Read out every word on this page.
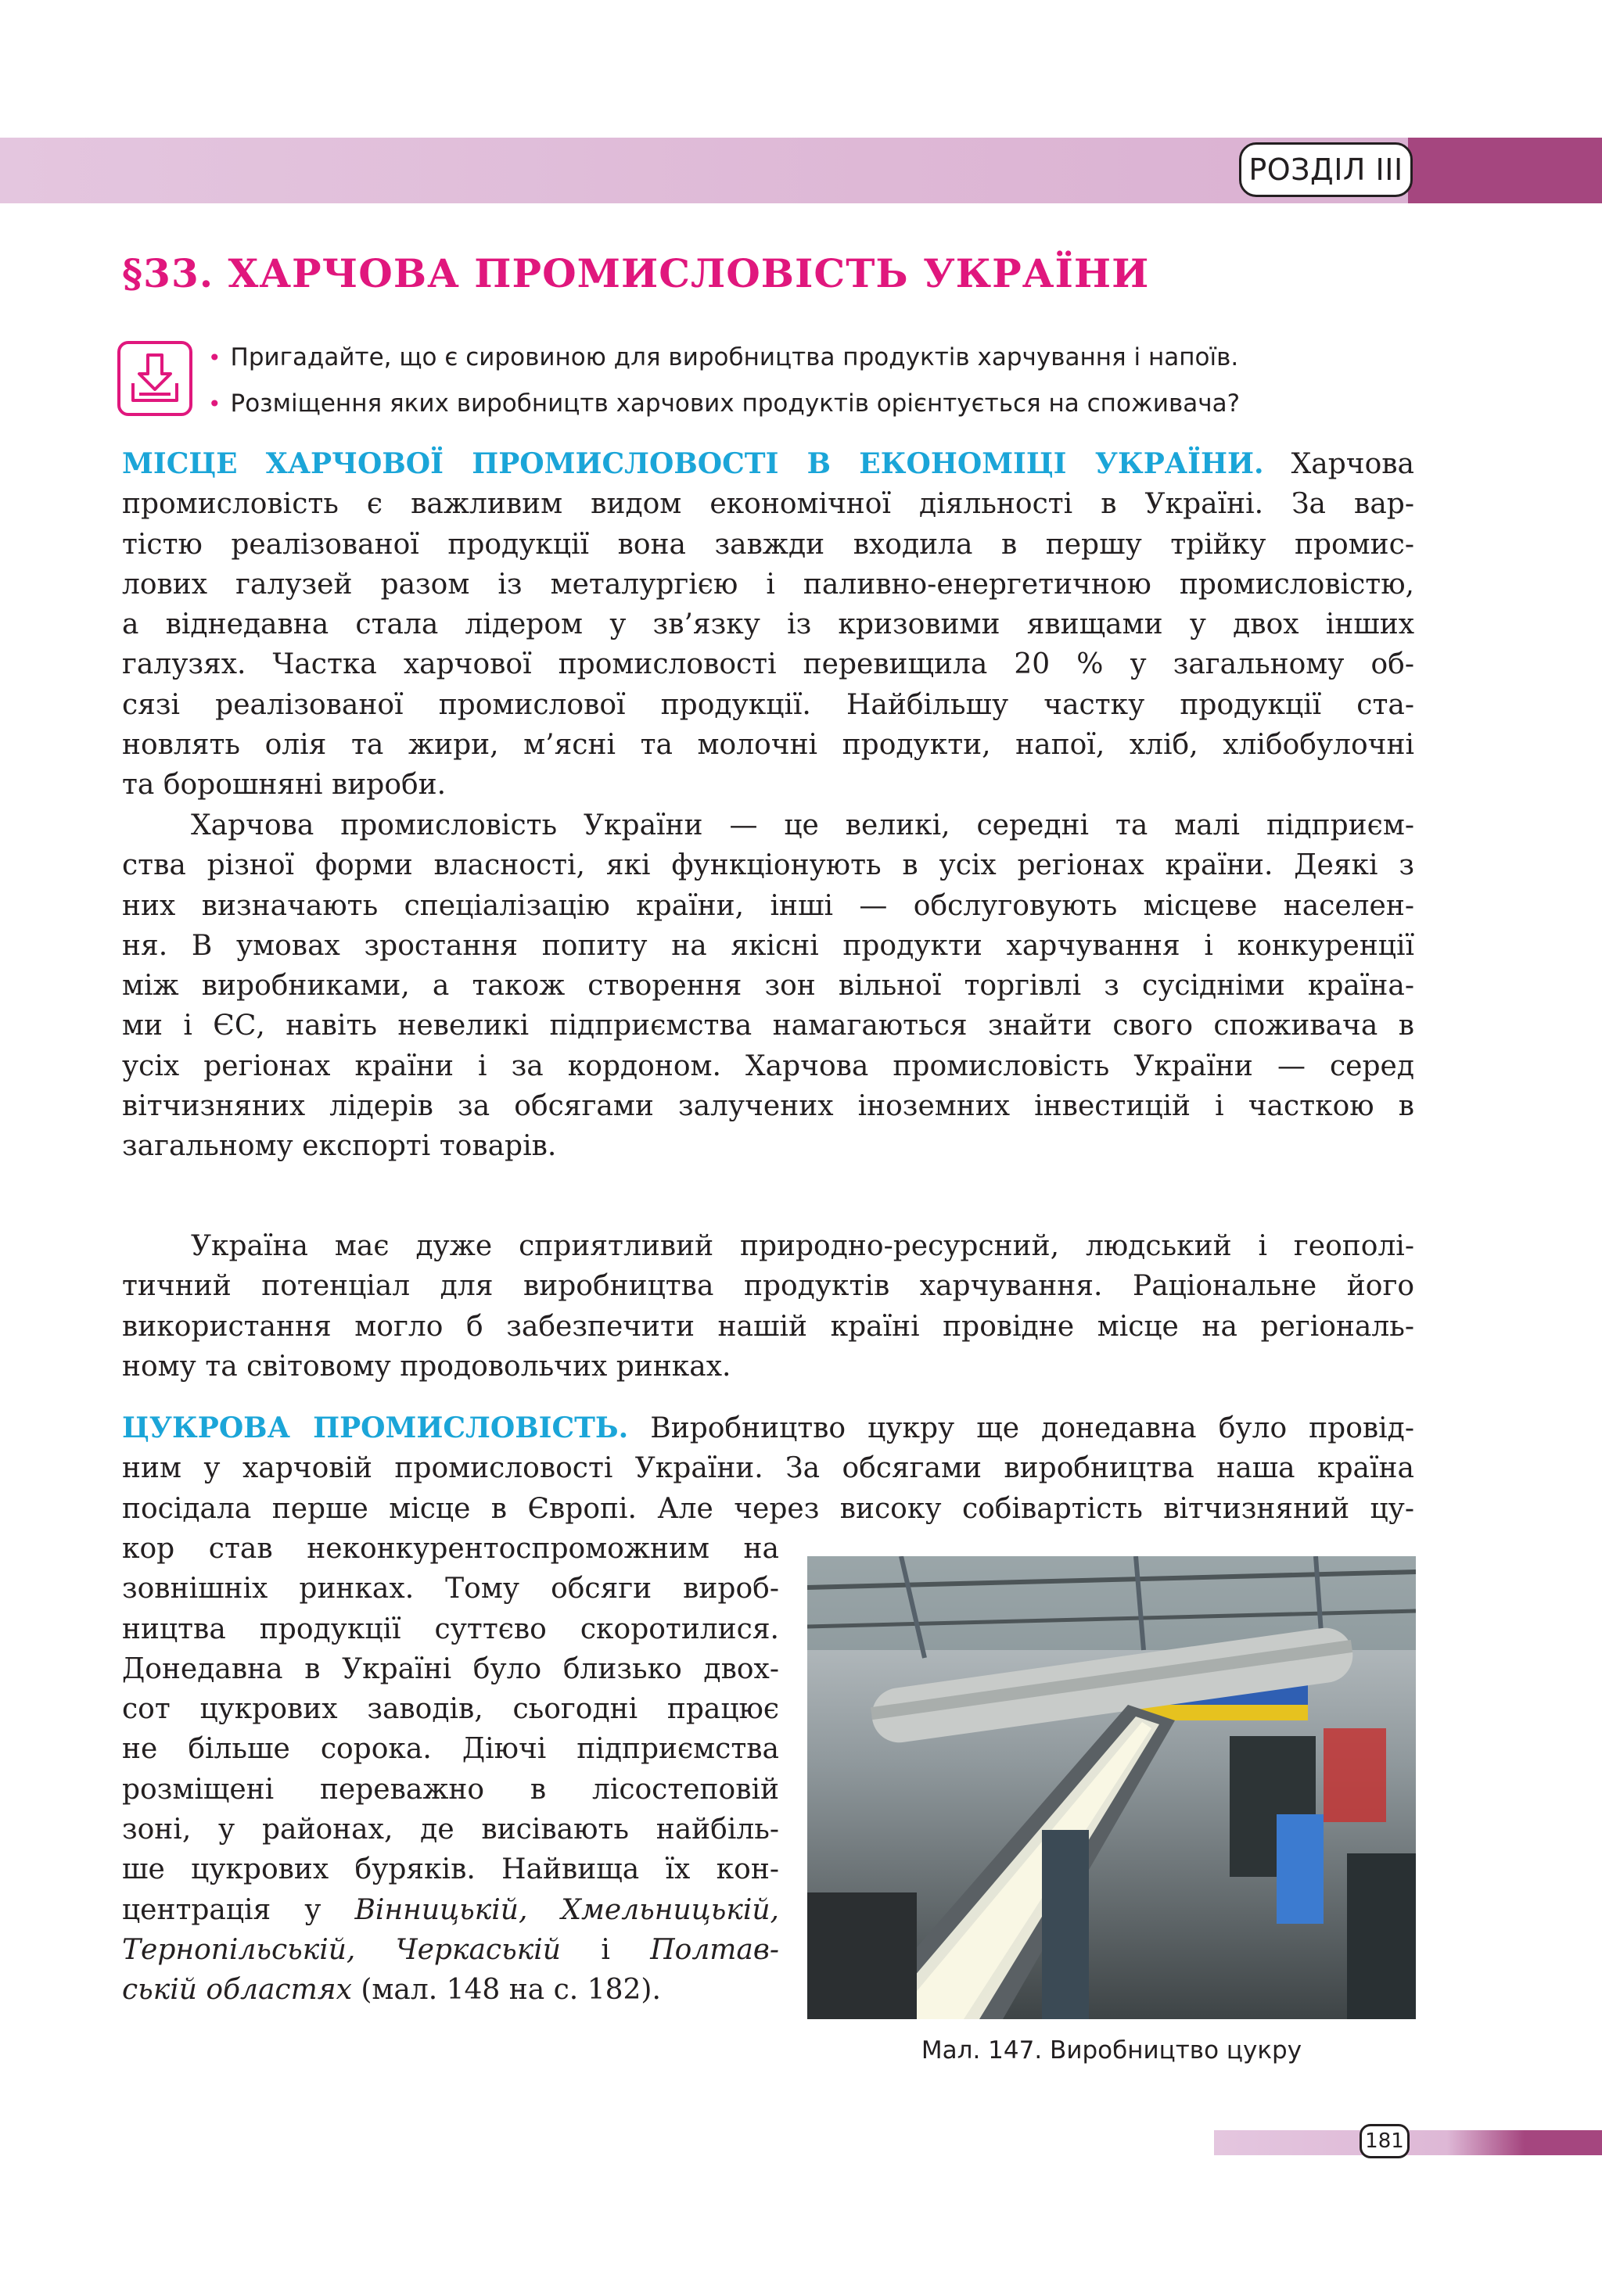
РОЗДІЛ ІІІ
§33. ХАРЧОВА ПРОМИСЛОВІСТЬ УКРАЇНИ
• Пригадайте, що є сировиною для виробництва продуктів харчування і напоїв.
• Розміщення яких виробництв харчових продуктів орієнтується на споживача?
МІСЦЕ ХАРЧОВОЇ ПРОМИСЛОВОСТІ В ЕКОНОМІЦІ УКРАЇНИ. Харчова
промисловість є важливим видом економічної діяльності в Україні. За вар-
тістю реалізованої продукції вона завжди входила в першу трійку промис-
лових галузей разом із металургією і паливно-енергетичною промисловістю,
а віднедавна стала лідером у зв’язку із кризовими явищами у двох інших
галузях. Частка харчової промисловості перевищила 20 % у загальному об-
сязі реалізованої промислової продукції. Найбільшу частку продукції ста-
новлять олія та жири, м’ясні та молочні продукти, напої, хліб, хлібобулочні
та борошняні вироби.
Харчова промисловість України — це великі, середні та малі підприєм-
ства різної форми власності, які функціонують в усіх регіонах країни. Деякі з
них визначають спеціалізацію країни, інші — обслуговують місцеве населен-
ня. В умовах зростання попиту на якісні продукти харчування і конкуренції
між виробниками, а також створення зон вільної торгівлі з сусідніми країна-
ми і ЄС, навіть невеликі підприємства намагаються знайти свого споживача в
усіх регіонах країни і за кордоном. Харчова промисловість України — серед
вітчизняних лідерів за обсягами залучених іноземних інвестицій і часткою в
загальному експорті товарів.
Україна має дуже сприятливий природно-ресурсний, людський і геополі-
тичний потенціал для виробництва продуктів харчування. Раціональне його
використання могло б забезпечити нашій країні провідне місце на регіональ-
ному та світовому продовольчих ринках.
ЦУКРОВА ПРОМИСЛОВІСТЬ. Виробництво цукру ще донедавна було провід-
ним у харчовій промисловості України. За обсягами виробництва наша країна
посідала перше місце в Європі. Але через високу собівартість вітчизняний цу-
кор став неконкурентоспроможним на
зовнішніх ринках. Тому обсяги вироб-
ництва продукції суттєво скоротилися.
Донедавна в Україні було близько двох-
сот цукрових заводів, сьогодні працює
не більше сорока. Діючі підприємства
розміщені переважно в лісостеповій
зоні, у районах, де висівають найбіль-
ше цукрових буряків. Найвища їх кон-
центрація у Вінницькій, Хмельницькій,
Тернопільській, Черкаській і Полтав-
ській областях (мал. 148 на с. 182).
Мал. 147. Виробництво цукру
181
